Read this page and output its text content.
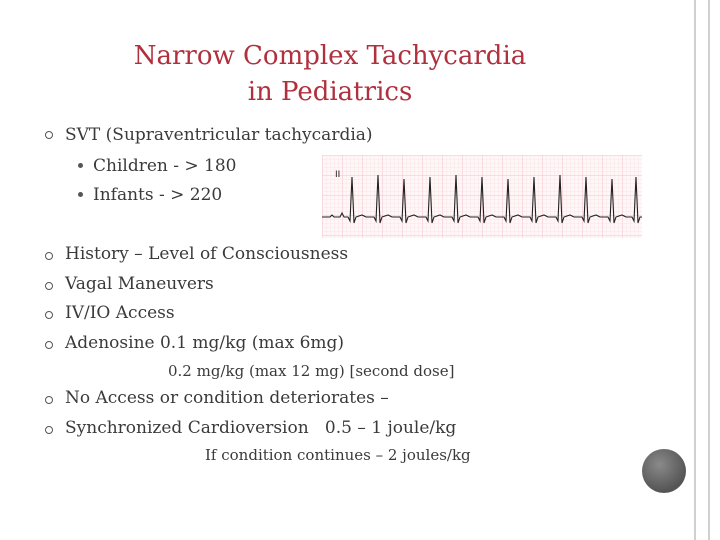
Narrow Complex Tachycardia
in Pediatrics
SVT (Supraventricular tachycardia)
Children - > 180
Infants - > 220
II
History – Level of Consciousness
Vagal Maneuvers
IV/IO Access
Adenosine 0.1 mg/kg (max 6mg)
0.2 mg/kg (max 12 mg) [second dose]
No Access or condition deteriorates –
Synchronized Cardioversion   0.5 – 1 joule/kg
If condition continues – 2 joules/kg
